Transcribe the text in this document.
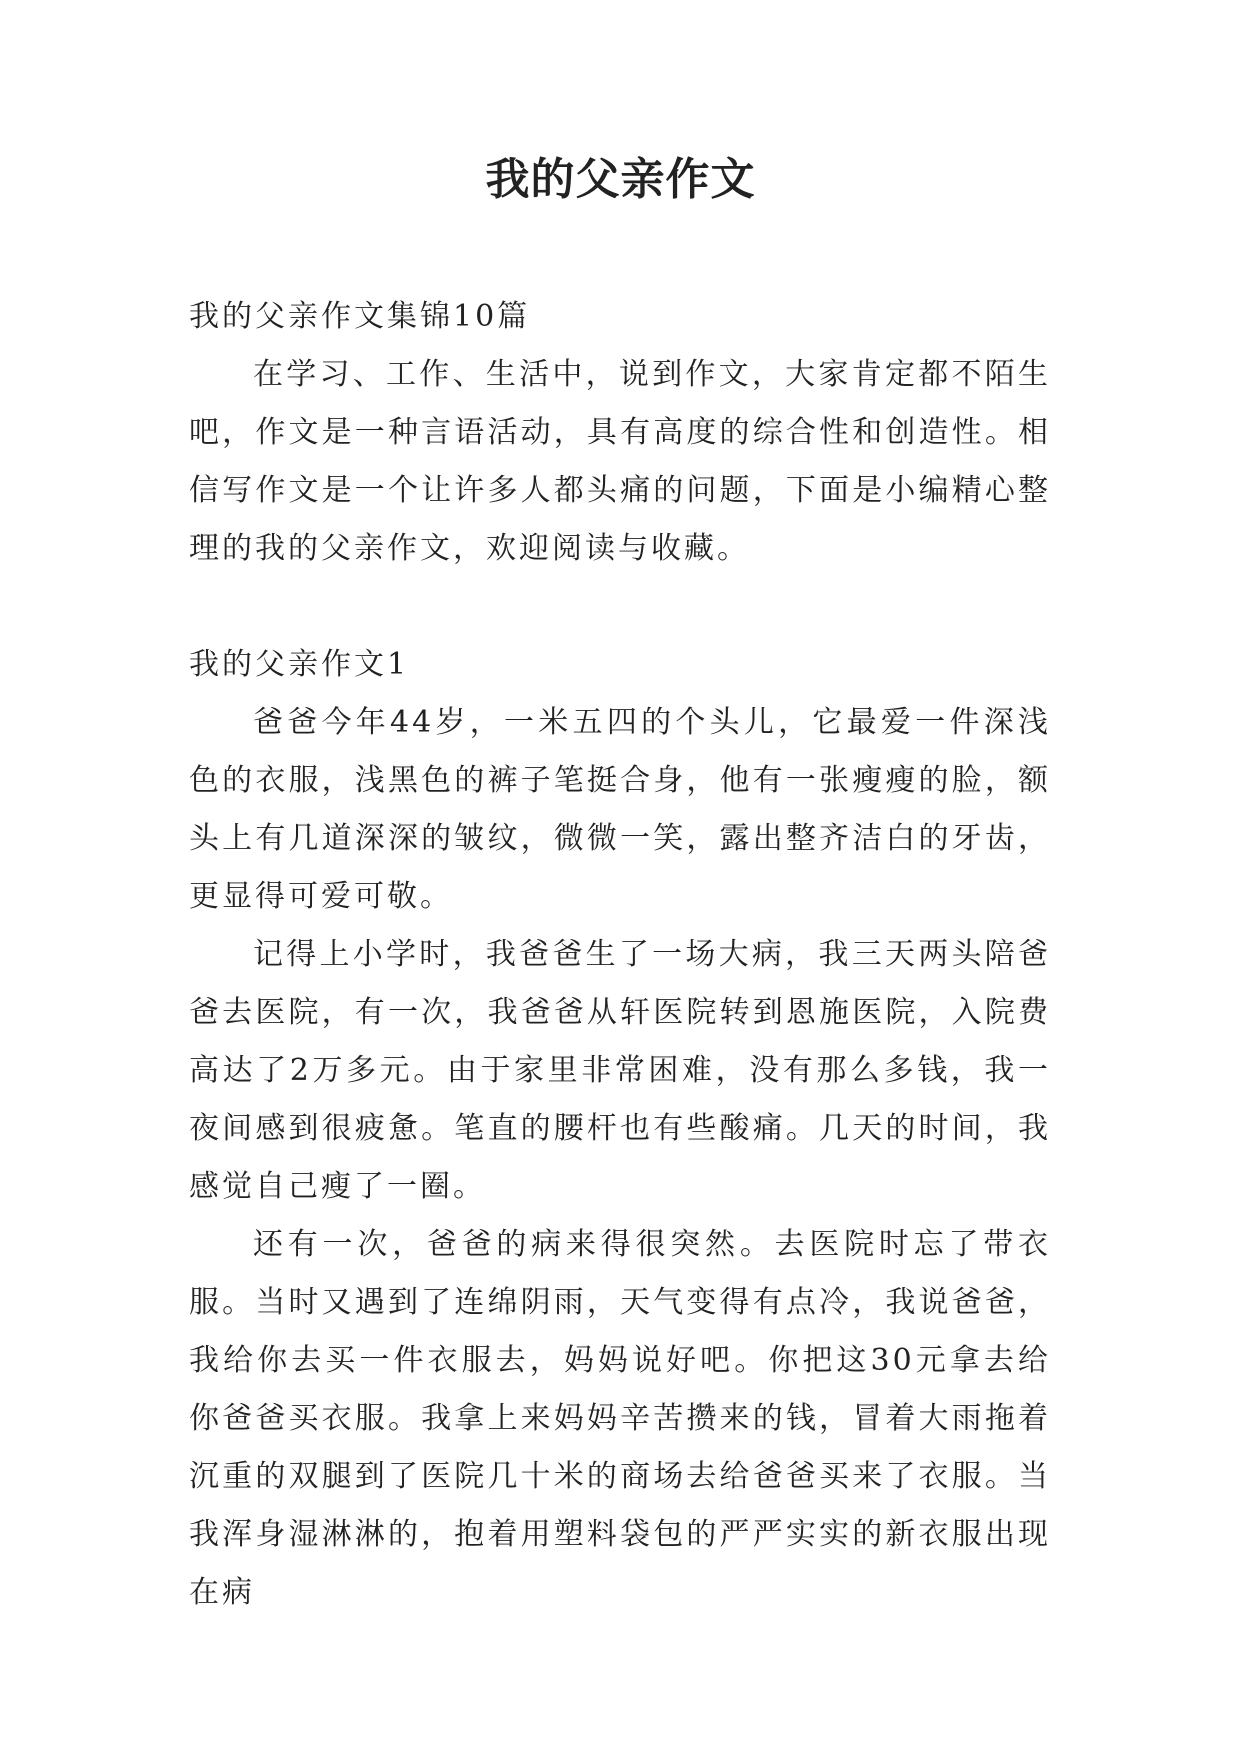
我的父亲作文

我的父亲作文集锦10篇

在学习、工作、生活中，说到作文，大家肯定都不陌生吧，作文是一种言语活动，具有高度的综合性和创造性。相信写作文是一个让许多人都头痛的问题，下面是小编精心整理的我的父亲作文，欢迎阅读与收藏。

我的父亲作文1

爸爸今年44岁，一米五四的个头儿，它最爱一件深浅色的衣服，浅黑色的裤子笔挺合身，他有一张瘦瘦的脸，额头上有几道深深的皱纹，微微一笑，露出整齐洁白的牙齿，更显得可爱可敬。

记得上小学时，我爸爸生了一场大病，我三天两头陪爸爸去医院，有一次，我爸爸从轩医院转到恩施医院，入院费高达了2万多元。由于家里非常困难，没有那么多钱，我一夜间感到很疲惫。笔直的腰杆也有些酸痛。几天的时间，我感觉自己瘦了一圈。

还有一次，爸爸的病来得很突然。去医院时忘了带衣服。当时又遇到了连绵阴雨，天气变得有点冷，我说爸爸，我给你去买一件衣服去，妈妈说好吧。你把这30元拿去给你爸爸买衣服。我拿上来妈妈辛苦攒来的钱，冒着大雨拖着沉重的双腿到了医院几十米的商场去给爸爸买来了衣服。当我浑身湿淋淋的，抱着用塑料袋包的严严实实的新衣服出现在病
